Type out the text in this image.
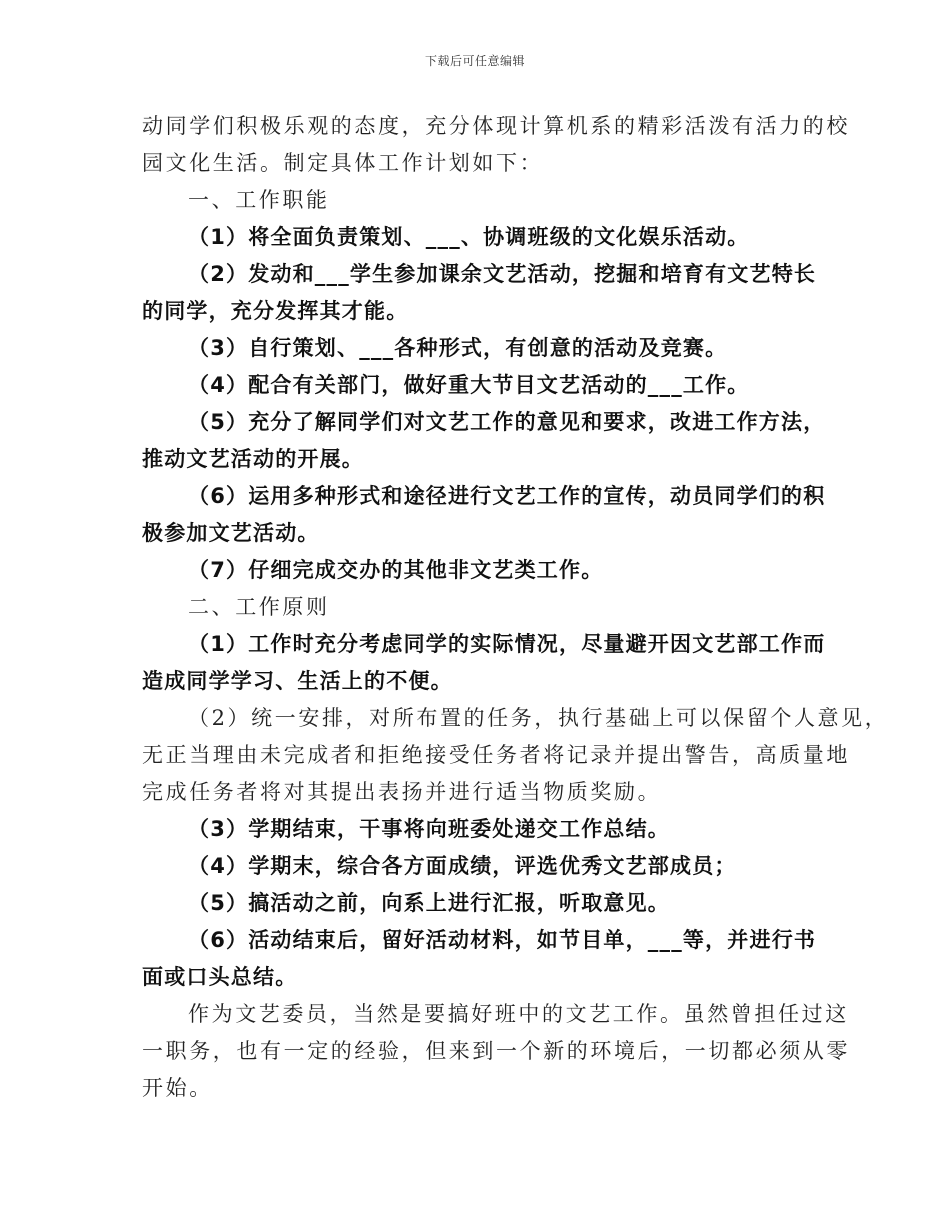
下载后可任意编辑
动同学们积极乐观的态度，充分体现计算机系的精彩活泼有活力的校
园文化生活。制定具体工作计划如下：
一、工作职能
（1）将全面负责策划、___、协调班级的文化娱乐活动。
（2）发动和___学生参加课余文艺活动，挖掘和培育有文艺特长
的同学，充分发挥其才能。
（3）自行策划、___各种形式，有创意的活动及竞赛。
（4）配合有关部门，做好重大节目文艺活动的___工作。
（5）充分了解同学们对文艺工作的意见和要求，改进工作方法，
推动文艺活动的开展。
（6）运用多种形式和途径进行文艺工作的宣传，动员同学们的积
极参加文艺活动。
（7）仔细完成交办的其他非文艺类工作。
二、工作原则
（1）工作时充分考虑同学的实际情况，尽量避开因文艺部工作而
造成同学学习、生活上的不便。
（2）统一安排，对所布置的任务，执行基础上可以保留个人意见，
无正当理由未完成者和拒绝接受任务者将记录并提出警告，高质量地
完成任务者将对其提出表扬并进行适当物质奖励。
（3）学期结束，干事将向班委处递交工作总结。
（4）学期末，综合各方面成绩，评选优秀文艺部成员；
（5）搞活动之前，向系上进行汇报，听取意见。
（6）活动结束后，留好活动材料，如节目单，___等，并进行书
面或口头总结。
作为文艺委员，当然是要搞好班中的文艺工作。虽然曾担任过这
一职务，也有一定的经验，但来到一个新的环境后，一切都必须从零
开始。
